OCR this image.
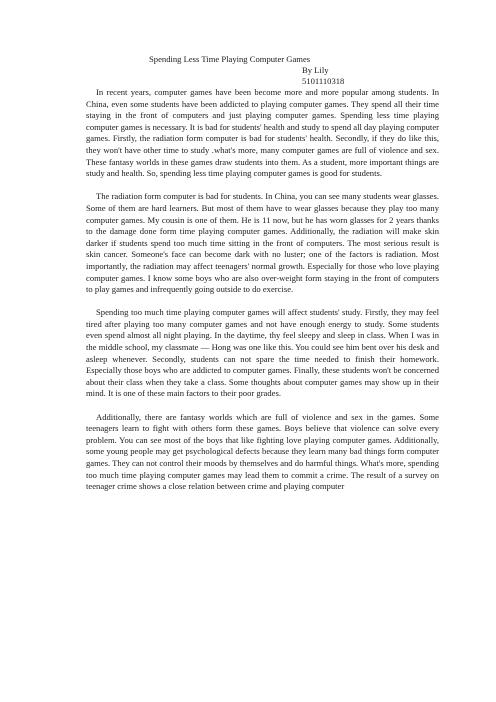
Spending Less Time Playing Computer Games
By Lily
5101110318

In recent years, computer games have been become more and more popular among students. In China, even some students have been addicted to playing computer games. They spend all their time staying in the front of computers and just playing computer games. Spending less time playing computer games is necessary. It is bad for students' health and study to spend all day playing computer games. Firstly, the radiation form computer is bad for students' health. Secondly, if they do like this, they won't have other time to study .what's more, many computer games are full of violence and sex. These fantasy worlds in these games draw students into them. As a student, more important things are study and health. So, spending less time playing computer games is good for students.

The radiation form computer is bad for students. In China, you can see many students wear glasses. Some of them are hard learners. But most of them have to wear glasses because they play too many computer games. My cousin is one of them. He is 11 now, but he has worn glasses for 2 years thanks to the damage done form time playing computer games. Additionally, the radiation will make skin darker if students spend too much time sitting in the front of computers. The most serious result is skin cancer. Someone's face can become dark with no luster; one of the factors is radiation. Most importantly, the radiation may affect teenagers' normal growth. Especially for those who love playing computer games. I know some boys who are also over-weight form staying in the front of computers to play games and infrequently going outside to do exercise.

Spending too much time playing computer games will affect students' study. Firstly, they may feel tired after playing too many computer games and not have enough energy to study. Some students even spend almost all night playing. In the daytime, thy feel sleepy and sleep in class. When I was in the middle school, my classmate — Hong was one like this. You could see him bent over his desk and asleep whenever. Secondly, students can not spare the time needed to finish their homework. Especially those boys who are addicted to computer games. Finally, these students won't be concerned about their class when they take a class. Some thoughts about computer games may show up in their mind. It is one of these main factors to their poor grades.

Additionally, there are fantasy worlds which are full of violence and sex in the games. Some teenagers learn to fight with others form these games. Boys believe that violence can solve every problem. You can see most of the boys that like fighting love playing computer games. Additionally, some young people may get psychological defects because they learn many bad things form computer games. They can not control their moods by themselves and do harmful things. What's more, spending too much time playing computer games may lead them to commit a crime. The result of a survey on teenager crime shows a close relation between crime and playing computer
